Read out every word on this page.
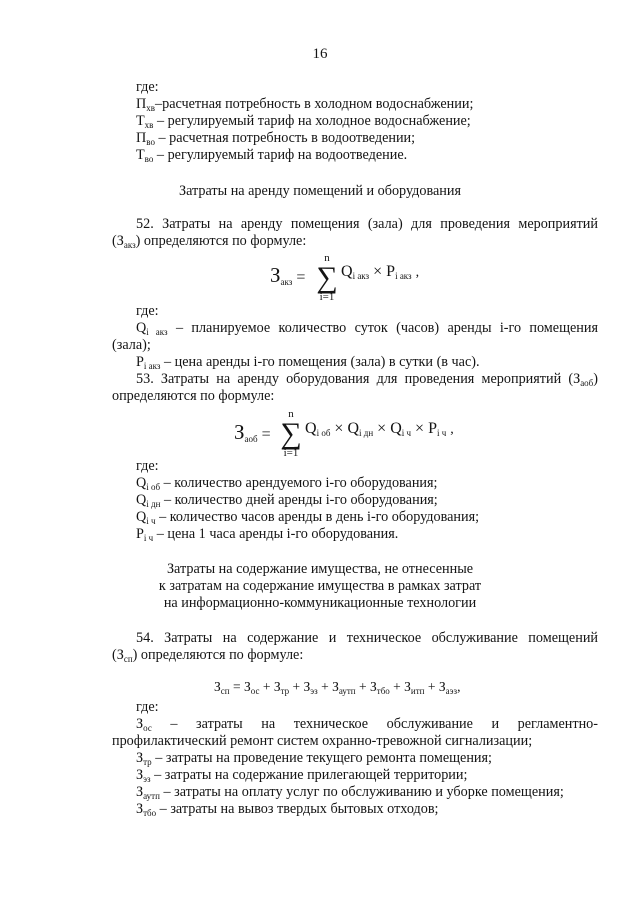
16
где:
$П_{хв}$–расчетная потребность в холодном водоснабжении;
$Т_{хв}$ – регулируемый тариф на холодное водоснабжение;
$П_{во}$ – расчетная потребность в водоотведении;
$Т_{во}$ – регулируемый тариф на водоотведение.
Затраты на аренду помещений и оборудования
52. Затраты на аренду помещения (зала) для проведения мероприятий
$(З_{акз})$ определяются по формуле:
$З_{акз}$ =
n
∑
i=1
$Q_{i акз} \times P_{i акз}$ ,
где:
$Q_{i акз}$ – планируемое количество суток (часов) аренды i-го помещения
(зала);
$P_{i акз}$ – цена аренды i-го помещения (зала) в сутки (в час).
53. Затраты на аренду оборудования для проведения мероприятий $(З_{аоб})$
определяются по формуле:
$З_{аоб}$ =
n
∑
i=1
$Q_{i об} \times Q_{i дн} \times Q_{i ч} \times P_{i ч}$ ,
где:
$Q_{i об}$ – количество арендуемого i-го оборудования;
$Q_{i дн}$ – количество дней аренды i-го оборудования;
$Q_{i ч}$ – количество часов аренды в день i-го оборудования;
$P_{i ч}$ – цена 1 часа аренды i-го оборудования.
Затраты на содержание имущества, не отнесенные
к затратам на содержание имущества в рамках затрат
на информационно-коммуникационные технологии
54. Затраты на содержание и техническое обслуживание помещений
$(З_{сп})$ определяются по формуле:
$З_{сп} = З_{ос} + З_{тр} + З_{эз} + З_{аутп} + З_{тбо} + З_{итп} + З_{аэз}$,
где:
$З_{ос}$ – затраты на техническое обслуживание и регламентно-
профилактический ремонт систем охранно-тревожной сигнализации;
$З_{тр}$ – затраты на проведение текущего ремонта помещения;
$З_{эз}$ – затраты на содержание прилегающей территории;
$З_{аутп}$ – затраты на оплату услуг по обслуживанию и уборке помещения;
$З_{тбо}$ – затраты на вывоз твердых бытовых отходов;
